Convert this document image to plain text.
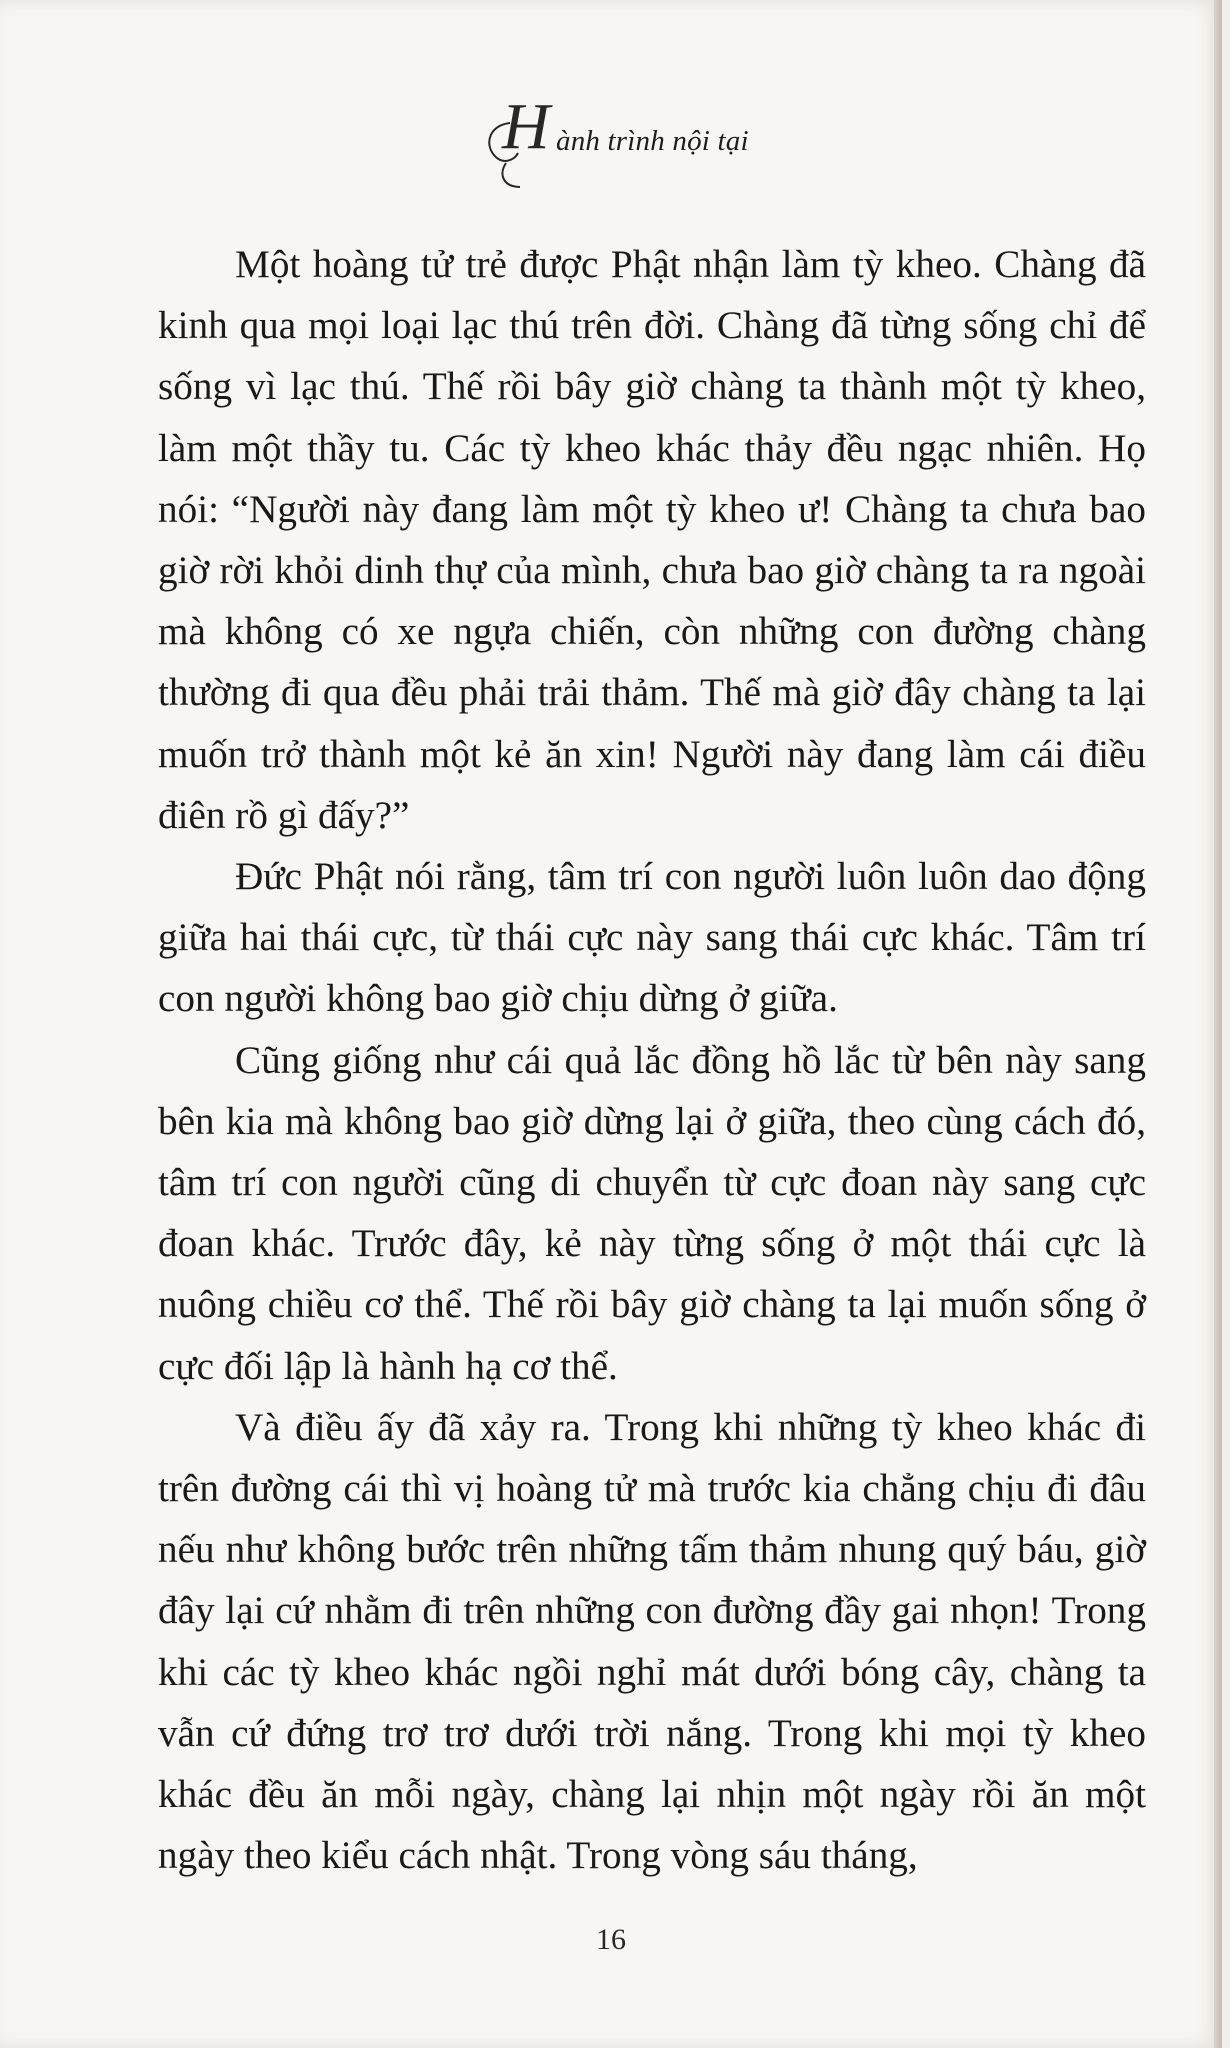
H ành trình nội tại

Một hoàng tử trẻ được Phật nhận làm tỳ kheo. Chàng đã kinh qua mọi loại lạc thú trên đời. Chàng đã từng sống chỉ để sống vì lạc thú. Thế rồi bây giờ chàng ta thành một tỳ kheo, làm một thầy tu. Các tỳ kheo khác thảy đều ngạc nhiên. Họ nói: “Người này đang làm một tỳ kheo ư! Chàng ta chưa bao giờ rời khỏi dinh thự của mình, chưa bao giờ chàng ta ra ngoài mà không có xe ngựa chiến, còn những con đường chàng thường đi qua đều phải trải thảm. Thế mà giờ đây chàng ta lại muốn trở thành một kẻ ăn xin! Người này đang làm cái điều điên rồ gì đấy?”

Đức Phật nói rằng, tâm trí con người luôn luôn dao động giữa hai thái cực, từ thái cực này sang thái cực khác. Tâm trí con người không bao giờ chịu dừng ở giữa.

Cũng giống như cái quả lắc đồng hồ lắc từ bên này sang bên kia mà không bao giờ dừng lại ở giữa, theo cùng cách đó, tâm trí con người cũng di chuyển từ cực đoan này sang cực đoan khác. Trước đây, kẻ này từng sống ở một thái cực là nuông chiều cơ thể. Thế rồi bây giờ chàng ta lại muốn sống ở cực đối lập là hành hạ cơ thể.

Và điều ấy đã xảy ra. Trong khi những tỳ kheo khác đi trên đường cái thì vị hoàng tử mà trước kia chẳng chịu đi đâu nếu như không bước trên những tấm thảm nhung quý báu, giờ đây lại cứ nhằm đi trên những con đường đầy gai nhọn! Trong khi các tỳ kheo khác ngồi nghỉ mát dưới bóng cây, chàng ta vẫn cứ đứng trơ trơ dưới trời nắng. Trong khi mọi tỳ kheo khác đều ăn mỗi ngày, chàng lại nhịn một ngày rồi ăn một ngày theo kiểu cách nhật. Trong vòng sáu tháng,

16
